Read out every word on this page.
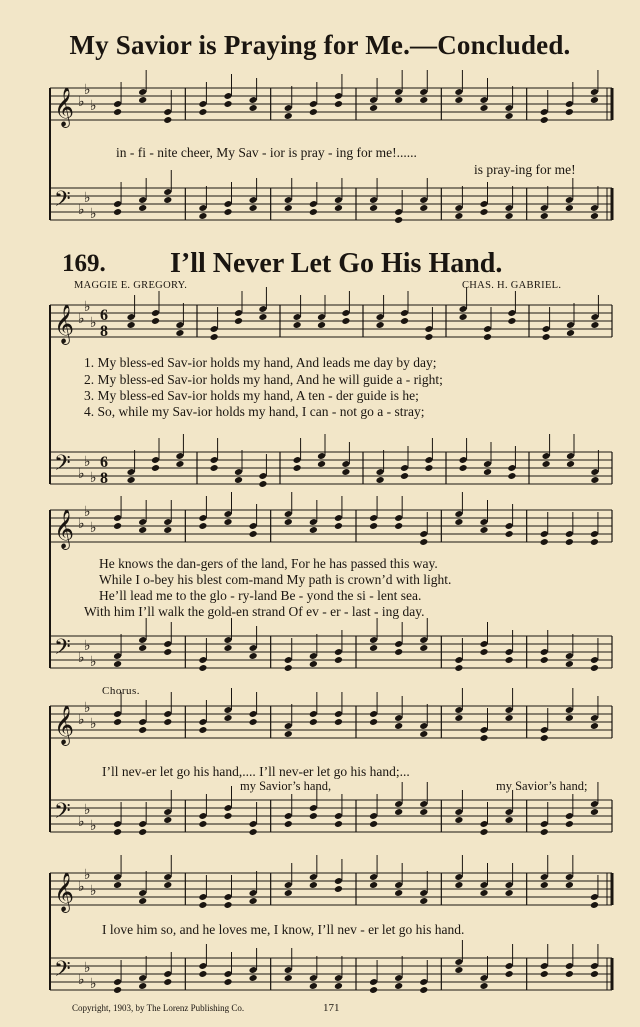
My Savior is Praying for Me.—Concluded.
𝄞
𝄢
♭
♭
♭
♭
♭
♭
𝄞
𝄢
♭
♭
♭
♭
♭
♭
6
8
6
8
𝄞
𝄢
♭
♭
♭
♭
♭
♭
𝄞
𝄢
♭
♭
♭
♭
♭
♭
𝄞
𝄢
♭
♭
♭
♭
♭
♭
in - fi - nite cheer, My Sav - ior is pray - ing for me!......
is pray-ing for me!
169. I’ll Never Let Go His Hand.
MAGGIE E. GREGORY.	CHAS. H. GABRIEL.
1. My bless-ed Sav-ior holds my hand, And leads me day by day;
2. My bless-ed Sav-ior holds my hand, And he will guide a - right;
3. My bless-ed Sav-ior holds my hand, A ten - der guide is he;
4. So, while my Sav-ior holds my hand, I can - not go a - stray;
He knows the dan-gers of the land, For he has passed this way.
While I o-bey his blest com-mand My path is crown’d with light.
He’ll lead me to the glo - ry-land Be - yond the si - lent sea.
With him I’ll walk the gold-en strand Of ev - er - last - ing day.
Chorus.
I’ll nev-er let go his hand,.... I’ll nev-er let go his hand;...
my Savior’s hand,	my Savior’s hand;
I love him so, and he loves me, I know, I’ll nev - er let go his hand.
Copyright, 1903, by The Lorenz Publishing Co.	171
